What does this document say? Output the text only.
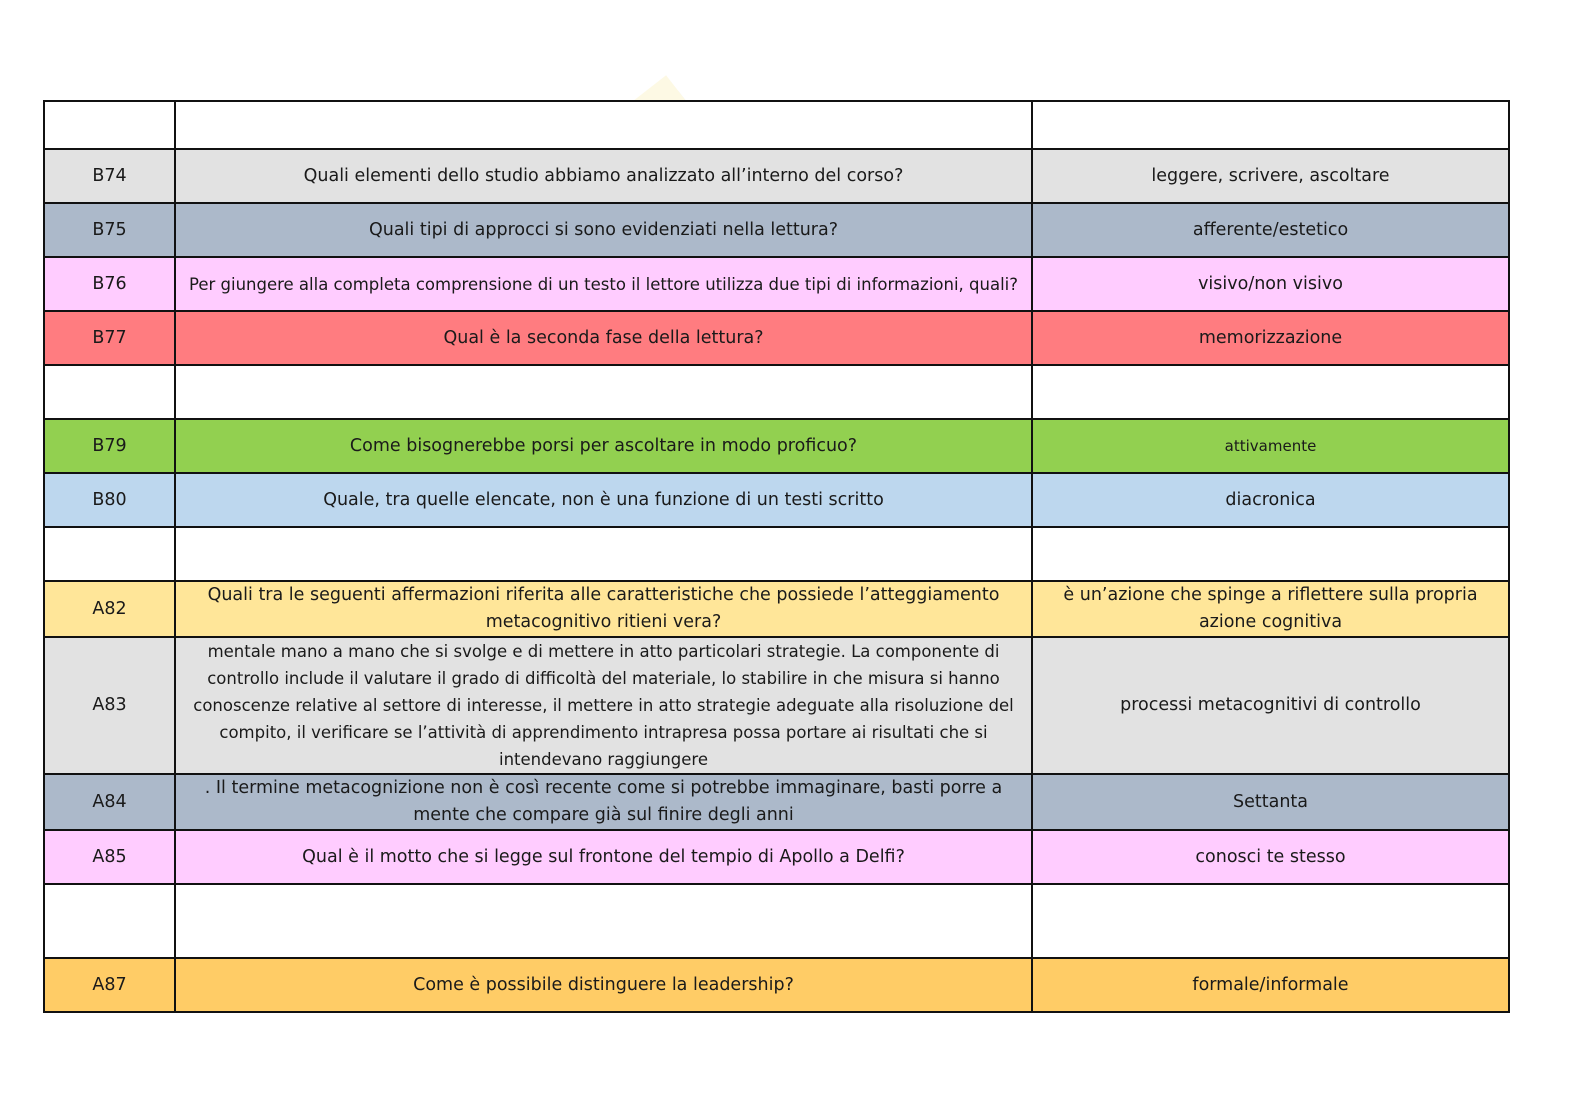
B74	Quali elementi dello studio abbiamo analizzato all’interno del corso?	leggere, scrivere, ascoltare
B75	Quali tipi di approcci si sono evidenziati nella lettura?	afferente/estetico
B76	Per giungere alla completa comprensione di un testo il lettore utilizza due tipi di informazioni, quali?	visivo/non visivo
B77	Qual è la seconda fase della lettura?	memorizzazione

B79	Come bisognerebbe porsi per ascoltare in modo proficuo?	attivamente
B80	Quale, tra quelle elencate, non è una funzione di un testi scritto	diacronica

A82	Quali tra le seguenti affermazioni riferita alle caratteristiche che possiede l’atteggiamento metacognitivo ritieni vera?	è un’azione che spinge a riflettere sulla propria azione cognitiva
A83	mentale mano a mano che si svolge e di mettere in atto particolari strategie. La componente di controllo include il valutare il grado di difficoltà del materiale, lo stabilire in che misura si hanno conoscenze relative al settore di interesse, il mettere in atto strategie adeguate alla risoluzione del compito, il verificare se l’attività di apprendimento intrapresa possa portare ai risultati che si intendevano raggiungere	processi metacognitivi di controllo
A84	. Il termine metacognizione non è così recente come si potrebbe immaginare, basti porre a mente che compare già sul finire degli anni	Settanta
A85	Qual è il motto che si legge sul frontone del tempio di Apollo a Delfi?	conosci te stesso

A87	Come è possibile distinguere la leadership?	formale/informale
